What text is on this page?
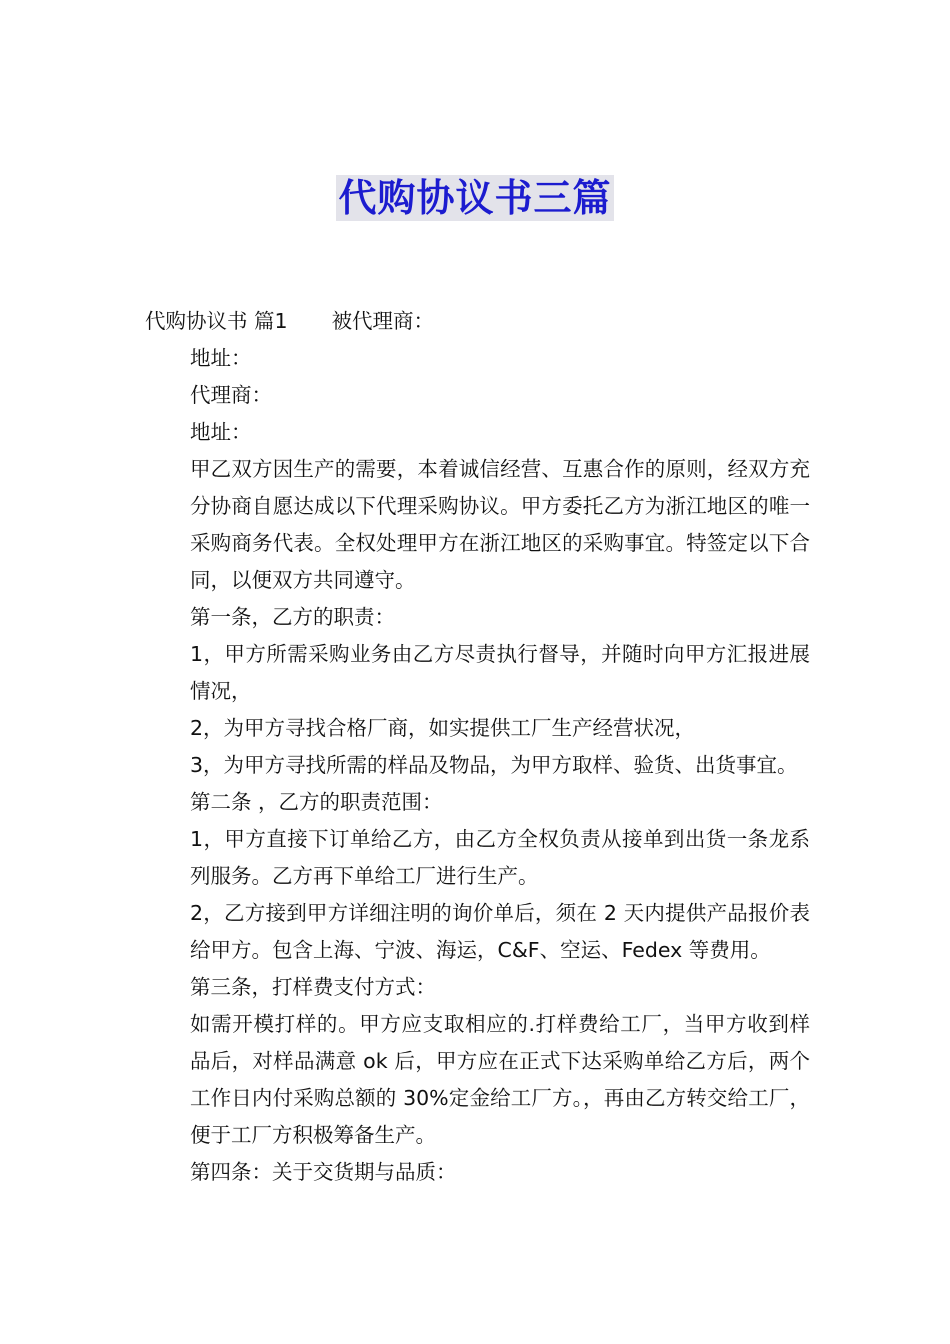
代购协议书三篇
代购协议书 篇1 被代理商：
地址：
代理商：
地址：
甲乙双方因生产的需要，本着诚信经营、互惠合作的原则，经双方充分协商自愿达成以下代理采购协议。甲方委托乙方为浙江地区的唯一采购商务代表。全权处理甲方在浙江地区的采购事宜。特签定以下合同，以便双方共同遵守。
第一条，乙方的职责：
1，甲方所需采购业务由乙方尽责执行督导，并随时向甲方汇报进展情况，
2，为甲方寻找合格厂商，如实提供工厂生产经营状况，
3，为甲方寻找所需的样品及物品，为甲方取样、验货、出货事宜。
第二条 ，乙方的职责范围：
1，甲方直接下订单给乙方，由乙方全权负责从接单到出货一条龙系列服务。乙方再下单给工厂进行生产。
2，乙方接到甲方详细注明的询价单后，须在 2 天内提供产品报价表给甲方。包含上海、宁波、海运，C&F、空运、Fedex 等费用。
第三条，打样费支付方式：
如需开模打样的。甲方应支取相应的.打样费给工厂，当甲方收到样品后，对样品满意 ok 后，甲方应在正式下达采购单给乙方后，两个工作日内付采购总额的 30%定金给工厂方。，再由乙方转交给工厂，便于工厂方积极筹备生产。
第四条：关于交货期与品质：
